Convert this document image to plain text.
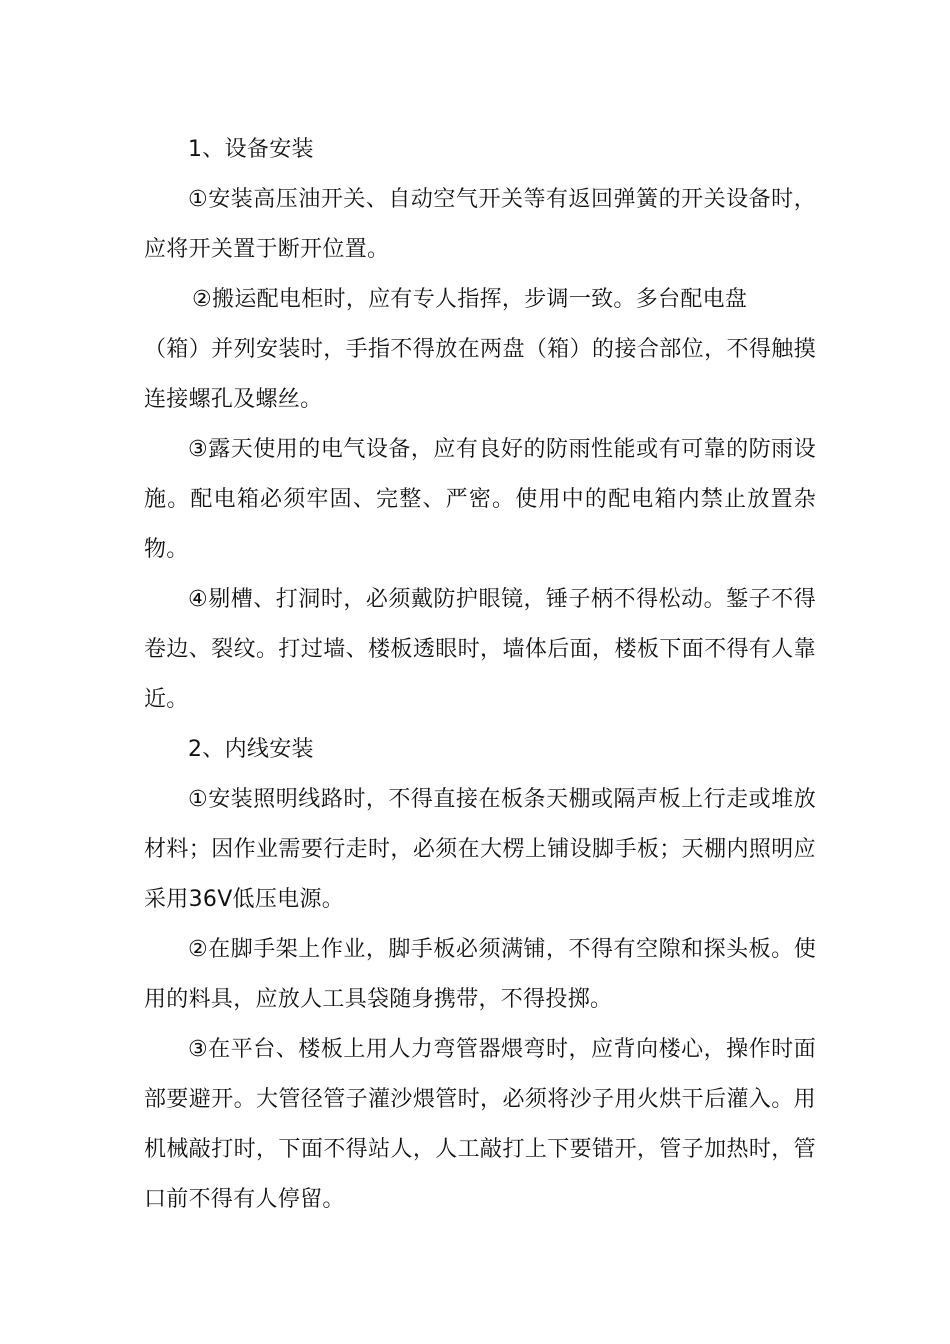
1、设备安装

①安装高压油开关、自动空气开关等有返回弹簧的开关设备时，应将开关置于断开位置。

②搬运配电柜时，应有专人指挥，步调一致。多台配电盘

（箱）并列安装时，手指不得放在两盘（箱）的接合部位，不得触摸连接螺孔及螺丝。

③露天使用的电气设备，应有良好的防雨性能或有可靠的防雨设施。配电箱必须牢固、完整、严密。使用中的配电箱内禁止放置杂物。

④剔槽、打洞时，必须戴防护眼镜，锤子柄不得松动。錾子不得卷边、裂纹。打过墙、楼板透眼时，墙体后面，楼板下面不得有人靠近。

2、内线安装

①安装照明线路时，不得直接在板条天棚或隔声板上行走或堆放材料；因作业需要行走时，必须在大楞上铺设脚手板；天棚内照明应采用36V低压电源。

②在脚手架上作业，脚手板必须满铺，不得有空隙和探头板。使用的料具，应放人工具袋随身携带，不得投掷。

③在平台、楼板上用人力弯管器煨弯时，应背向楼心，操作时面部要避开。大管径管子灌沙煨管时，必须将沙子用火烘干后灌入。用机械敲打时，下面不得站人，人工敲打上下要错开，管子加热时，管口前不得有人停留。
